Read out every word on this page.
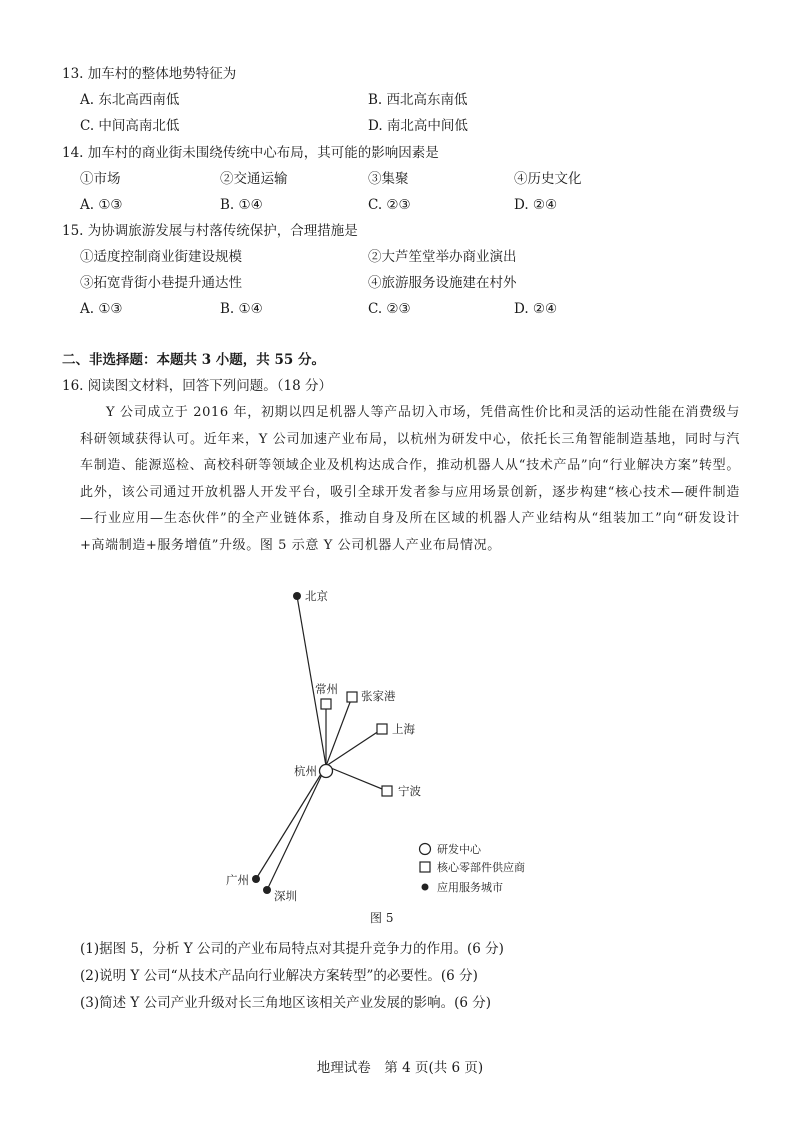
13. 加车村的整体地势特征为
A. 东北高西南低	B. 西北高东南低
C. 中间高南北低	D. 南北高中间低
14. 加车村的商业街未围绕传统中心布局，其可能的影响因素是
①市场	②交通运输	③集聚	④历史文化
A. ①③	B. ①④	C. ②③	D. ②④
15. 为协调旅游发展与村落传统保护，合理措施是
①适度控制商业街建设规模	②大芦笙堂举办商业演出
③拓宽背街小巷提升通达性	④旅游服务设施建在村外
A. ①③	B. ①④	C. ②③	D. ②④
二、非选择题：本题共 3 小题，共 55 分。
16. 阅读图文材料，回答下列问题。（18 分）
Y 公司成立于 2016 年，初期以四足机器人等产品切入市场，凭借高性价比和灵活的运动性能在消费级与科研领域获得认可。近年来，Y 公司加速产业布局，以杭州为研发中心，依托长三角智能制造基地，同时与汽车制造、能源巡检、高校科研等领域企业及机构达成合作，推动机器人从“技术产品”向“行业解决方案”转型。此外，该公司通过开放机器人开发平台，吸引全球开发者参与应用场景创新，逐步构建“核心技术—硬件制造—行业应用—生态伙伴”的全产业链体系，推动自身及所在区域的机器人产业结构从“组装加工”向“研发设计+高端制造+服务增值”升级。图 5 示意 Y 公司机器人产业布局情况。
北京
常州 张家港
上海
杭州
宁波
广州
深圳
研发中心
核心零部件供应商
应用服务城市
图 5
(1)据图 5，分析 Y 公司的产业布局特点对其提升竞争力的作用。(6 分)
(2)说明 Y 公司“从技术产品向行业解决方案转型”的必要性。(6 分)
(3)简述 Y 公司产业升级对长三角地区该相关产业发展的影响。(6 分)
地理试卷　第 4 页(共 6 页)
